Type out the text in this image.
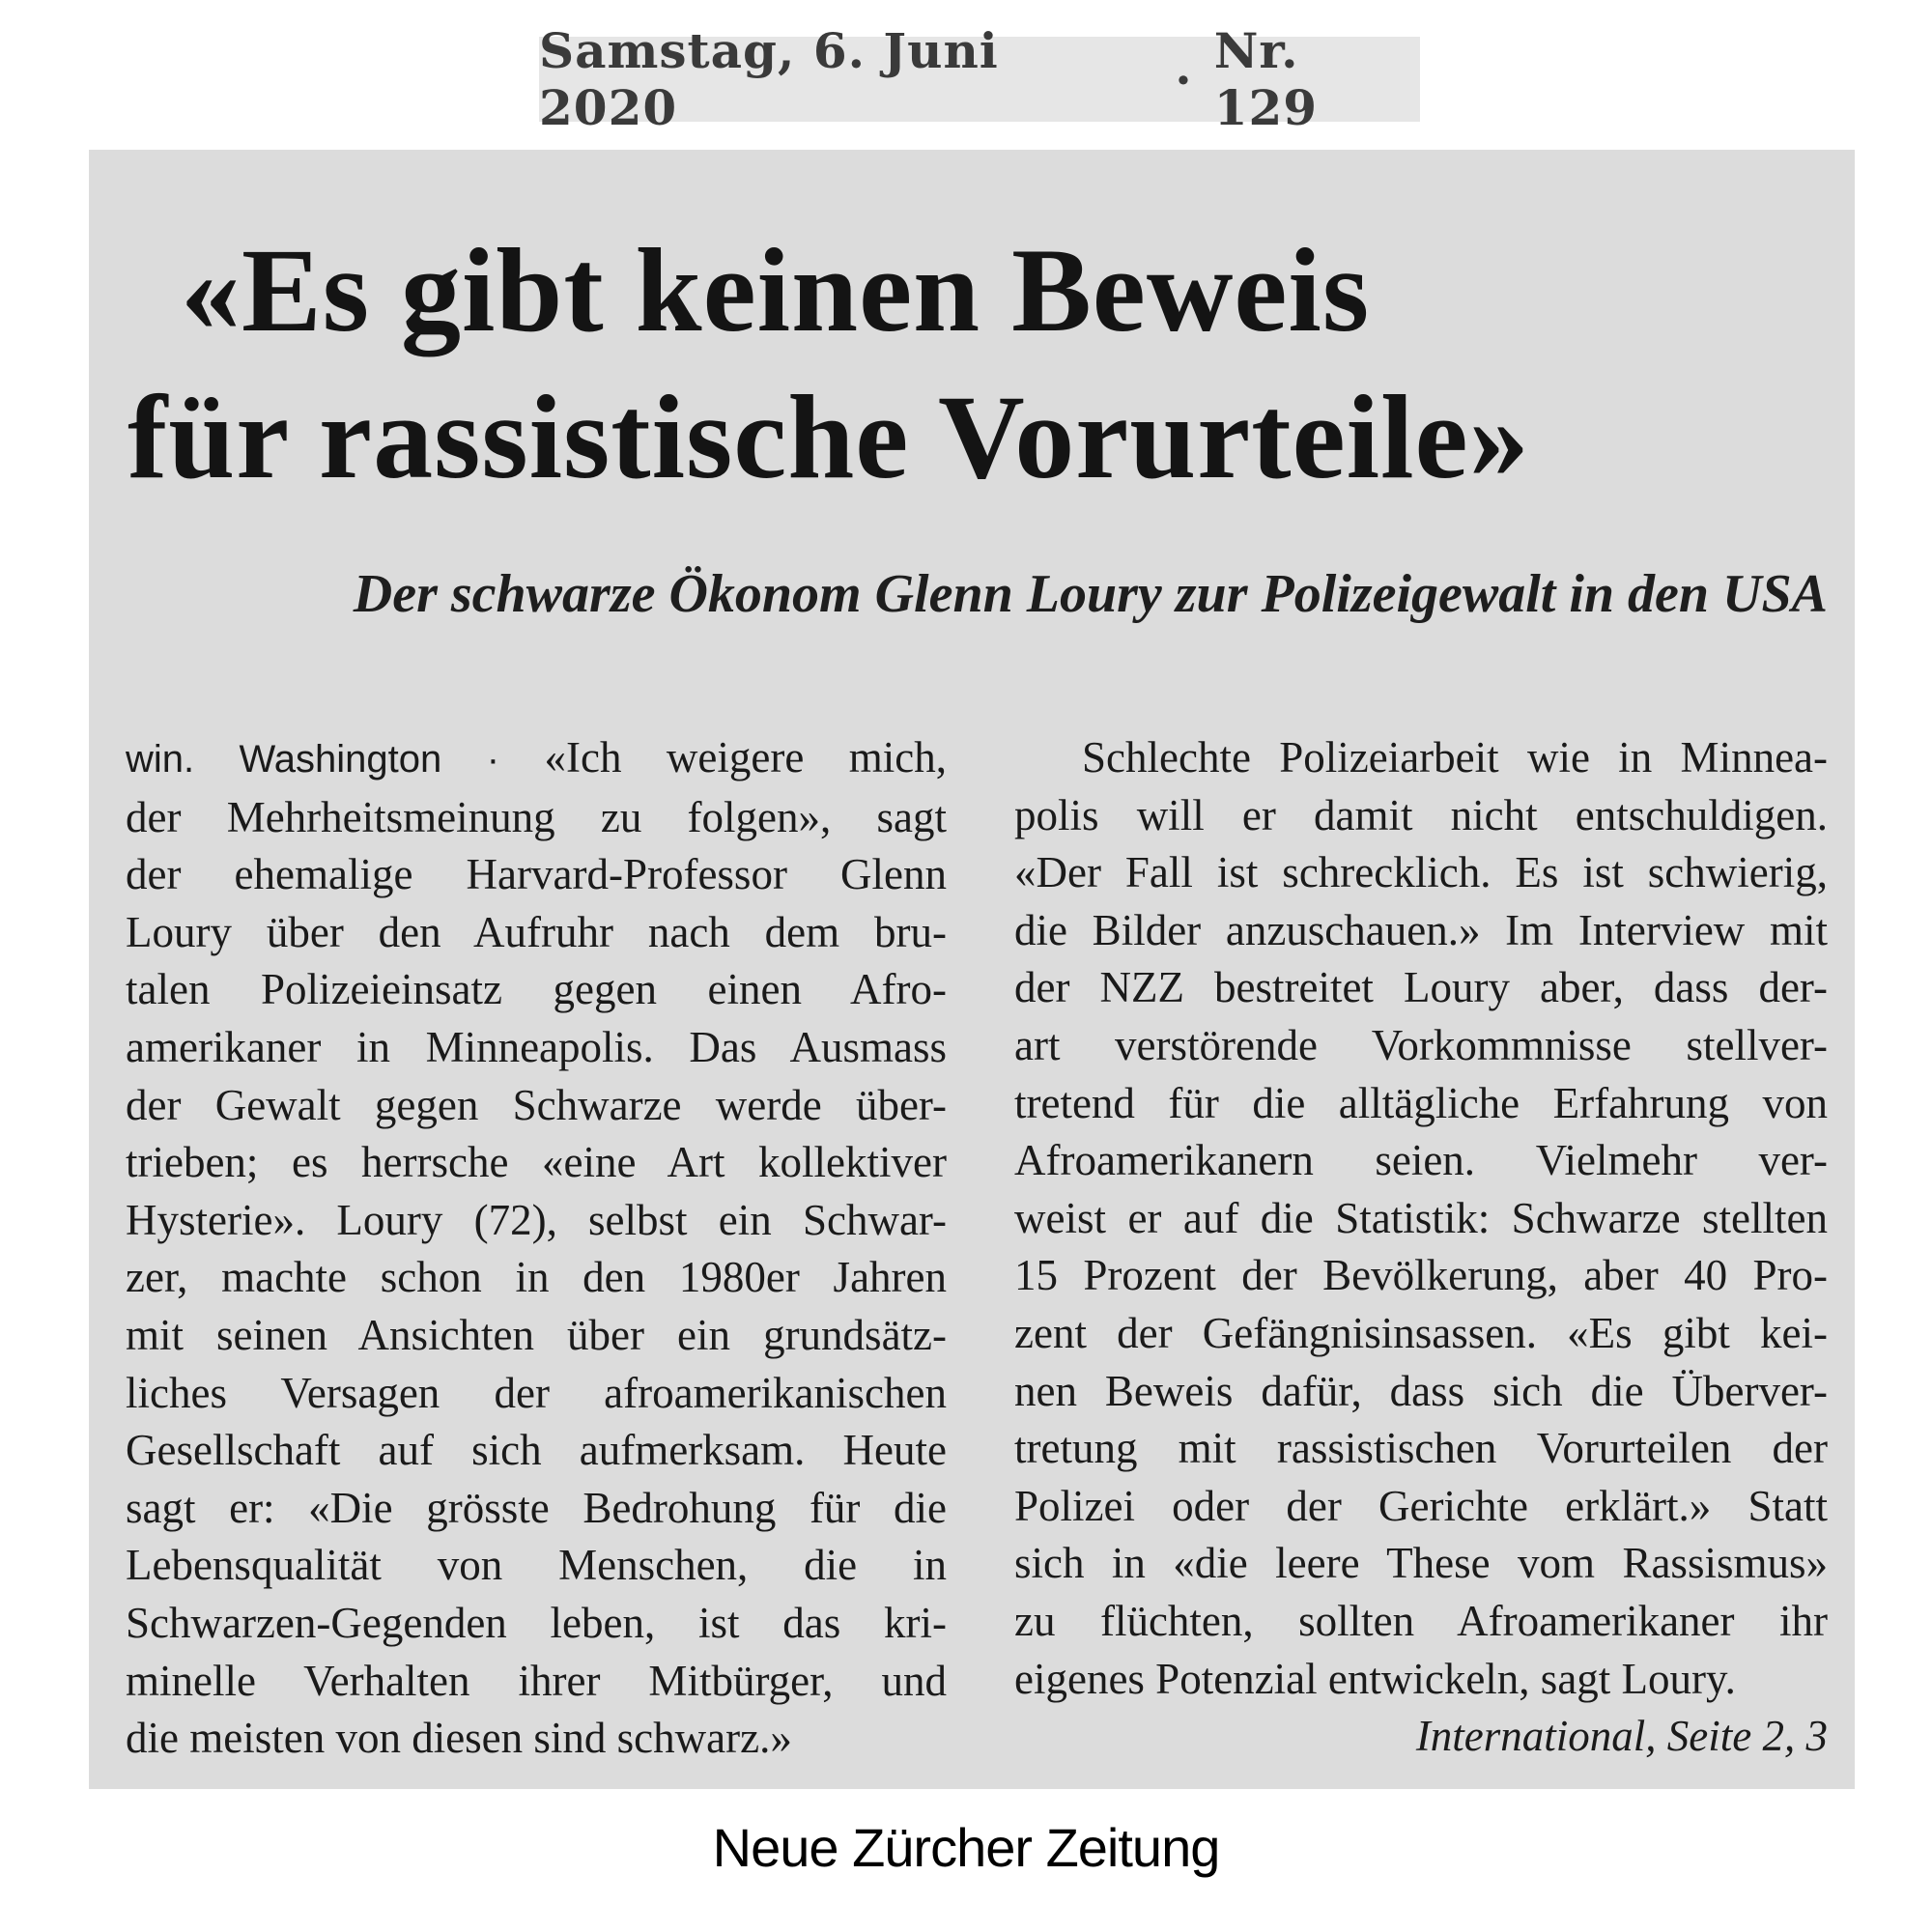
Samstag, 6. Juni 2020	· Nr. 129
«Es gibt keinen Beweis
für rassistische Vorurteile»
Der schwarze Ökonom Glenn Loury zur Polizeigewalt in den USA
win. Washington · «Ich weigere mich,
der Mehrheitsmeinung zu folgen», sagt
der ehemalige Harvard-Professor Glenn
Loury über den Aufruhr nach dem bru-
talen Polizeieinsatz gegen einen Afro-
amerikaner in Minneapolis. Das Ausmass
der Gewalt gegen Schwarze werde über-
trieben; es herrsche «eine Art kollektiver
Hysterie». Loury (72), selbst ein Schwar-
zer, machte schon in den 1980er Jahren
mit seinen Ansichten über ein grundsätz-
liches Versagen der afroamerikanischen
Gesellschaft auf sich aufmerksam. Heute
sagt er: «Die grösste Bedrohung für die
Lebensqualität von Menschen, die in
Schwarzen-Gegenden leben, ist das kri-
minelle Verhalten ihrer Mitbürger, und
die meisten von diesen sind schwarz.»
Schlechte Polizeiarbeit wie in Minnea-
polis will er damit nicht entschuldigen.
«Der Fall ist schrecklich. Es ist schwierig,
die Bilder anzuschauen.» Im Interview mit
der NZZ bestreitet Loury aber, dass der-
art verstörende Vorkommnisse stellver-
tretend für die alltägliche Erfahrung von
Afroamerikanern seien. Vielmehr ver-
weist er auf die Statistik: Schwarze stellten
15 Prozent der Bevölkerung, aber 40 Pro-
zent der Gefängnisinsassen. «Es gibt kei-
nen Beweis dafür, dass sich die Überver-
tretung mit rassistischen Vorurteilen der
Polizei oder der Gerichte erklärt.» Statt
sich in «die leere These vom Rassismus»
zu flüchten, sollten Afroamerikaner ihr
eigenes Potenzial entwickeln, sagt Loury.
International, Seite 2, 3
Neue Zürcher Zeitung
